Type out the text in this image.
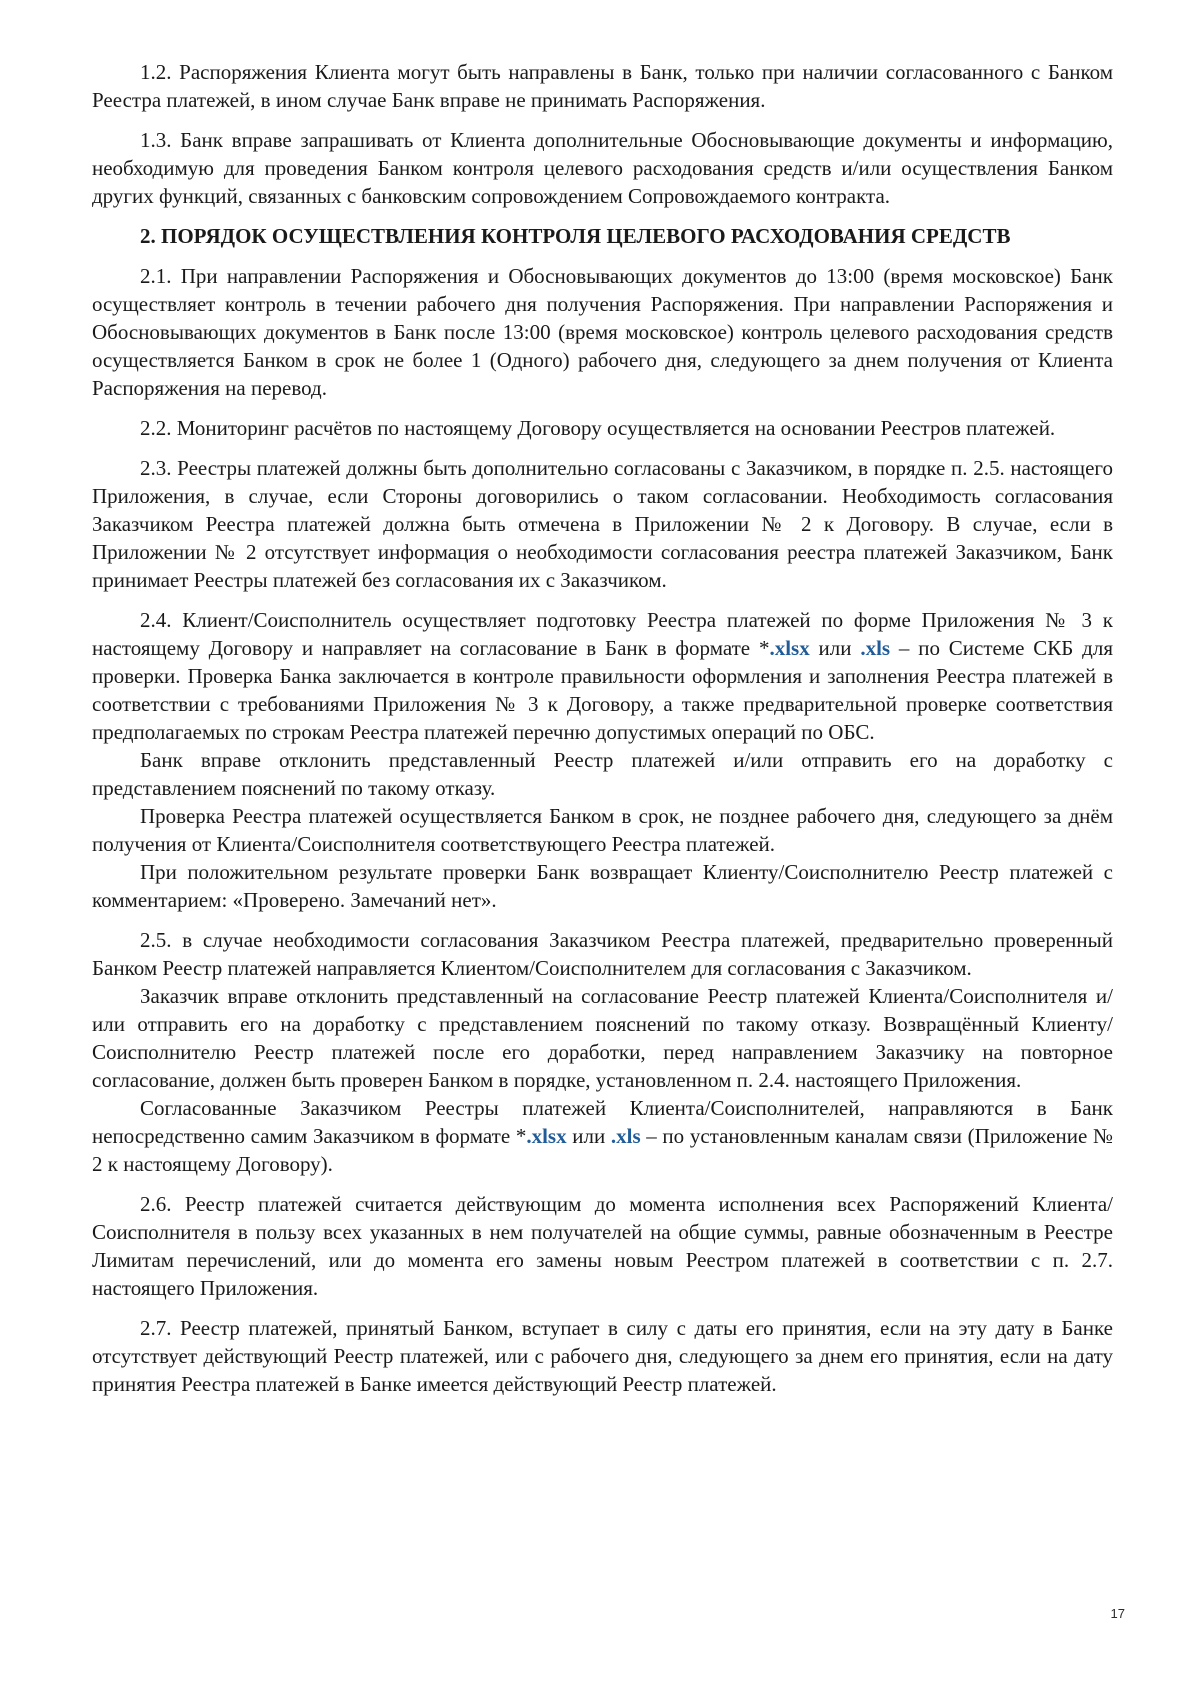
1.2. Распоряжения Клиента могут быть направлены в Банк, только при наличии согласованного с Банком Реестра платежей, в ином случае Банк вправе не принимать Распоряжения.

1.3. Банк вправе запрашивать от Клиента дополнительные Обосновывающие документы и информацию, необходимую для проведения Банком контроля целевого расходования средств и/или осуществления Банком других функций, связанных с банковским сопровождением Сопровождаемого контракта.

2. ПОРЯДОК ОСУЩЕСТВЛЕНИЯ КОНТРОЛЯ ЦЕЛЕВОГО РАСХОДОВАНИЯ СРЕДСТВ

2.1. При направлении Распоряжения и Обосновывающих документов до 13:00 (время московское) Банк осуществляет контроль в течении рабочего дня получения Распоряжения. При направлении Распоряжения и Обосновывающих документов в Банк после 13:00 (время московское) контроль целевого расходования средств осуществляется Банком в срок не более 1 (Одного) рабочего дня, следующего за днем получения от Клиента Распоряжения на перевод.

2.2. Мониторинг расчётов по настоящему Договору осуществляется на основании Реестров платежей.

2.3. Реестры платежей должны быть дополнительно согласованы с Заказчиком, в порядке п. 2.5. настоящего Приложения, в случае, если Стороны договорились о таком согласовании. Необходимость согласования Заказчиком Реестра платежей должна быть отмечена в Приложении № 2 к Договору. В случае, если в Приложении № 2 отсутствует информация о необходимости согласования реестра платежей Заказчиком, Банк принимает Реестры платежей без согласования их с Заказчиком.

2.4. Клиент/Соисполнитель осуществляет подготовку Реестра платежей по форме Приложения № 3 к настоящему Договору и направляет на согласование в Банк в формате *.xlsx или .xls – по Системе СКБ для проверки. Проверка Банка заключается в контроле правильности оформления и заполнения Реестра платежей в соответствии с требованиями Приложения № 3 к Договору, а также предварительной проверке соответствия предполагаемых по строкам Реестра платежей перечню допустимых операций по ОБС.

Банк вправе отклонить представленный Реестр платежей и/или отправить его на доработку с представлением пояснений по такому отказу.

Проверка Реестра платежей осуществляется Банком в срок, не позднее рабочего дня, следующего за днём получения от Клиента/Соисполнителя соответствующего Реестра платежей.

При положительном результате проверки Банк возвращает Клиенту/Соисполнителю Реестр платежей с комментарием: «Проверено. Замечаний нет».

2.5. в случае необходимости согласования Заказчиком Реестра платежей, предварительно проверенный Банком Реестр платежей направляется Клиентом/Соисполнителем для согласования с Заказчиком.

Заказчик вправе отклонить представленный на согласование Реестр платежей Клиента/Соисполнителя и/или отправить его на доработку с представлением пояснений по такому отказу. Возвращённый Клиенту/Соисполнителю Реестр платежей после его доработки, перед направлением Заказчику на повторное согласование, должен быть проверен Банком в порядке, установленном п. 2.4. настоящего Приложения.

Согласованные Заказчиком Реестры платежей Клиента/Соисполнителей, направляются в Банк непосредственно самим Заказчиком в формате *.xlsx или .xls – по установленным каналам связи (Приложение № 2 к настоящему Договору).

2.6. Реестр платежей считается действующим до момента исполнения всех Распоряжений Клиента/Соисполнителя в пользу всех указанных в нем получателей на общие суммы, равные обозначенным в Реестре Лимитам перечислений, или до момента его замены новым Реестром платежей в соответствии с п. 2.7. настоящего Приложения.

2.7. Реестр платежей, принятый Банком, вступает в силу с даты его принятия, если на эту дату в Банке отсутствует действующий Реестр платежей, или с рабочего дня, следующего за днем его принятия, если на дату принятия Реестра платежей в Банке имеется действующий Реестр платежей.

17
